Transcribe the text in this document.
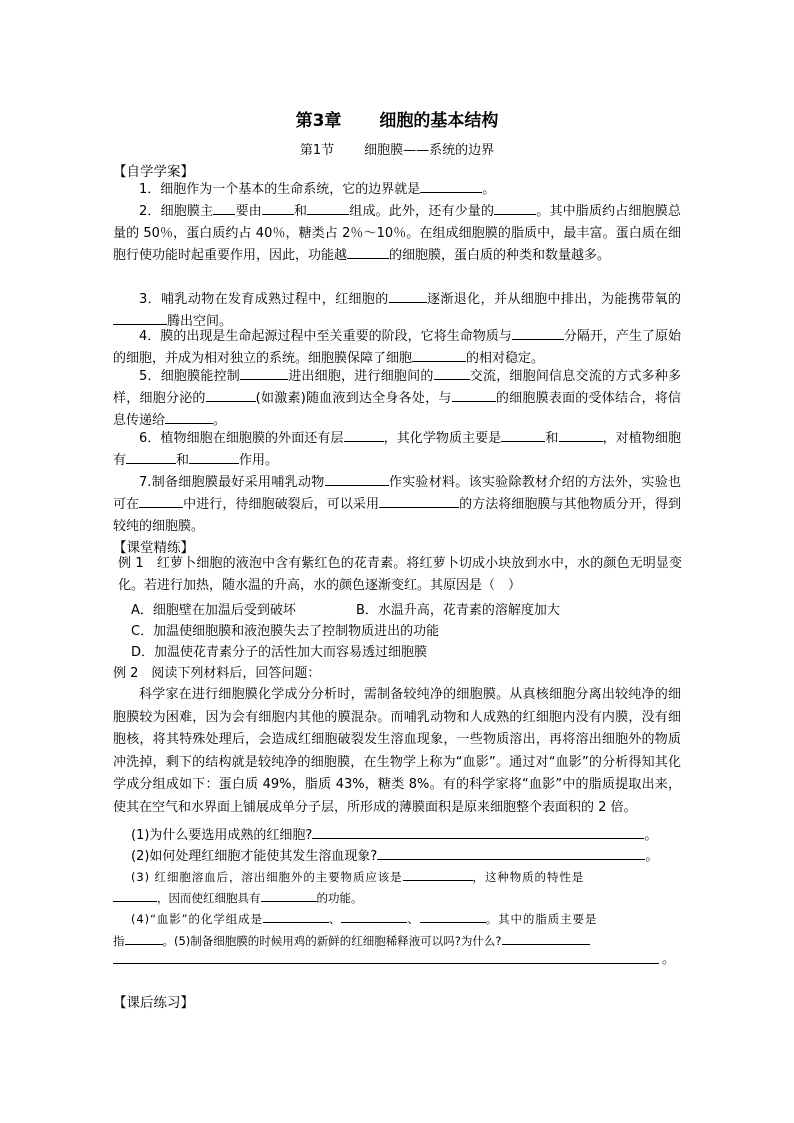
第3章 细胞的基本结构
第1节 细胞膜——系统的边界
【自学学案】

1．细胞作为一个基本的生命系统，它的边界就是	。

2．细胞膜主 要由 和	组成。此外，还有少量的	。其中脂质约占细胞膜总量的 50％，蛋白质约占 40％，糖类占 2％～10％。在组成细胞膜的脂质中，最丰富。蛋白质在细胞行使功能时起重要作用，因此，功能越	的细胞膜，蛋白质的种类和数量越多。

3．哺乳动物在发育成熟过程中，红细胞的	逐渐退化，并从细胞中排出，为能携带氧的腾出空间。

4．膜的出现是生命起源过程中至关重要的阶段，它将生命物质与	分隔开，产生了原始的细胞，并成为相对独立的系统。细胞膜保障了细胞	的相对稳定。

5．细胞膜能控制	进出细胞，进行细胞间的	交流，细胞间信息交流的方式多种多样，细胞分泌的	(如激素)随血液到达全身各处，与	的细胞膜表面的受体结合，将信息传递给	。

6．植物细胞在细胞膜的外面还有层	，其化学物质主要是	和	，对植物细胞有	和	作用。

7.制备细胞膜最好采用哺乳动物	作实验材料。该实验除教材介绍的方法外，实验也可在	中进行，待细胞破裂后，可以采用	的方法将细胞膜与其他物质分开，得到较纯的细胞膜。

【课堂精练】

例 1　红萝卜细胞的液泡中含有紫红色的花青素。将红萝卜切成小块放到水中，水的颜色无明显变化。若进行加热，随水温的升高，水的颜色逐渐变红。其原因是（　）

A．细胞壁在加温后受到破坏	B．水温升高，花青素的溶解度加大
C．加温使细胞膜和液泡膜失去了控制物质进出的功能
D．加温使花青素分子的活性加大而容易透过细胞膜
例 2　阅读下列材料后，回答问题：

科学家在进行细胞膜化学成分分析时，需制备较纯净的细胞膜。从真核细胞分离出较纯净的细胞膜较为困难，因为会有细胞内其他的膜混杂。而哺乳动物和人成熟的红细胞内没有内膜，没有细胞核，将其特殊处理后，会造成红细胞破裂发生溶血现象，一些物质溶出，再将溶出细胞外的物质冲洗掉，剩下的结构就是较纯净的细胞膜，在生物学上称为“血影”。通过对“血影”的分析得知其化学成分组成如下：蛋白质 49%，脂质 43%，糖类 8%。有的科学家将“血影”中的脂质提取出来，使其在空气和水界面上铺展成单分子层，所形成的薄膜面积是原来细胞整个表面积的 2 倍。

(1)为什么要选用成熟的红细胞?	。
(2)如何处理红细胞才能使其发生溶血现象?	。
(3) 红细胞溶血后，溶出细胞外的主要物质应该是	，这种物质的特性是
，因而使红细胞具有	的功能。
(4)“血影”的化学组成是	、	、	。其中的脂质主要是
指	。(5)制备细胞膜的时候用鸡的新鲜的红细胞稀释液可以吗?为什么?
。
【课后练习】
